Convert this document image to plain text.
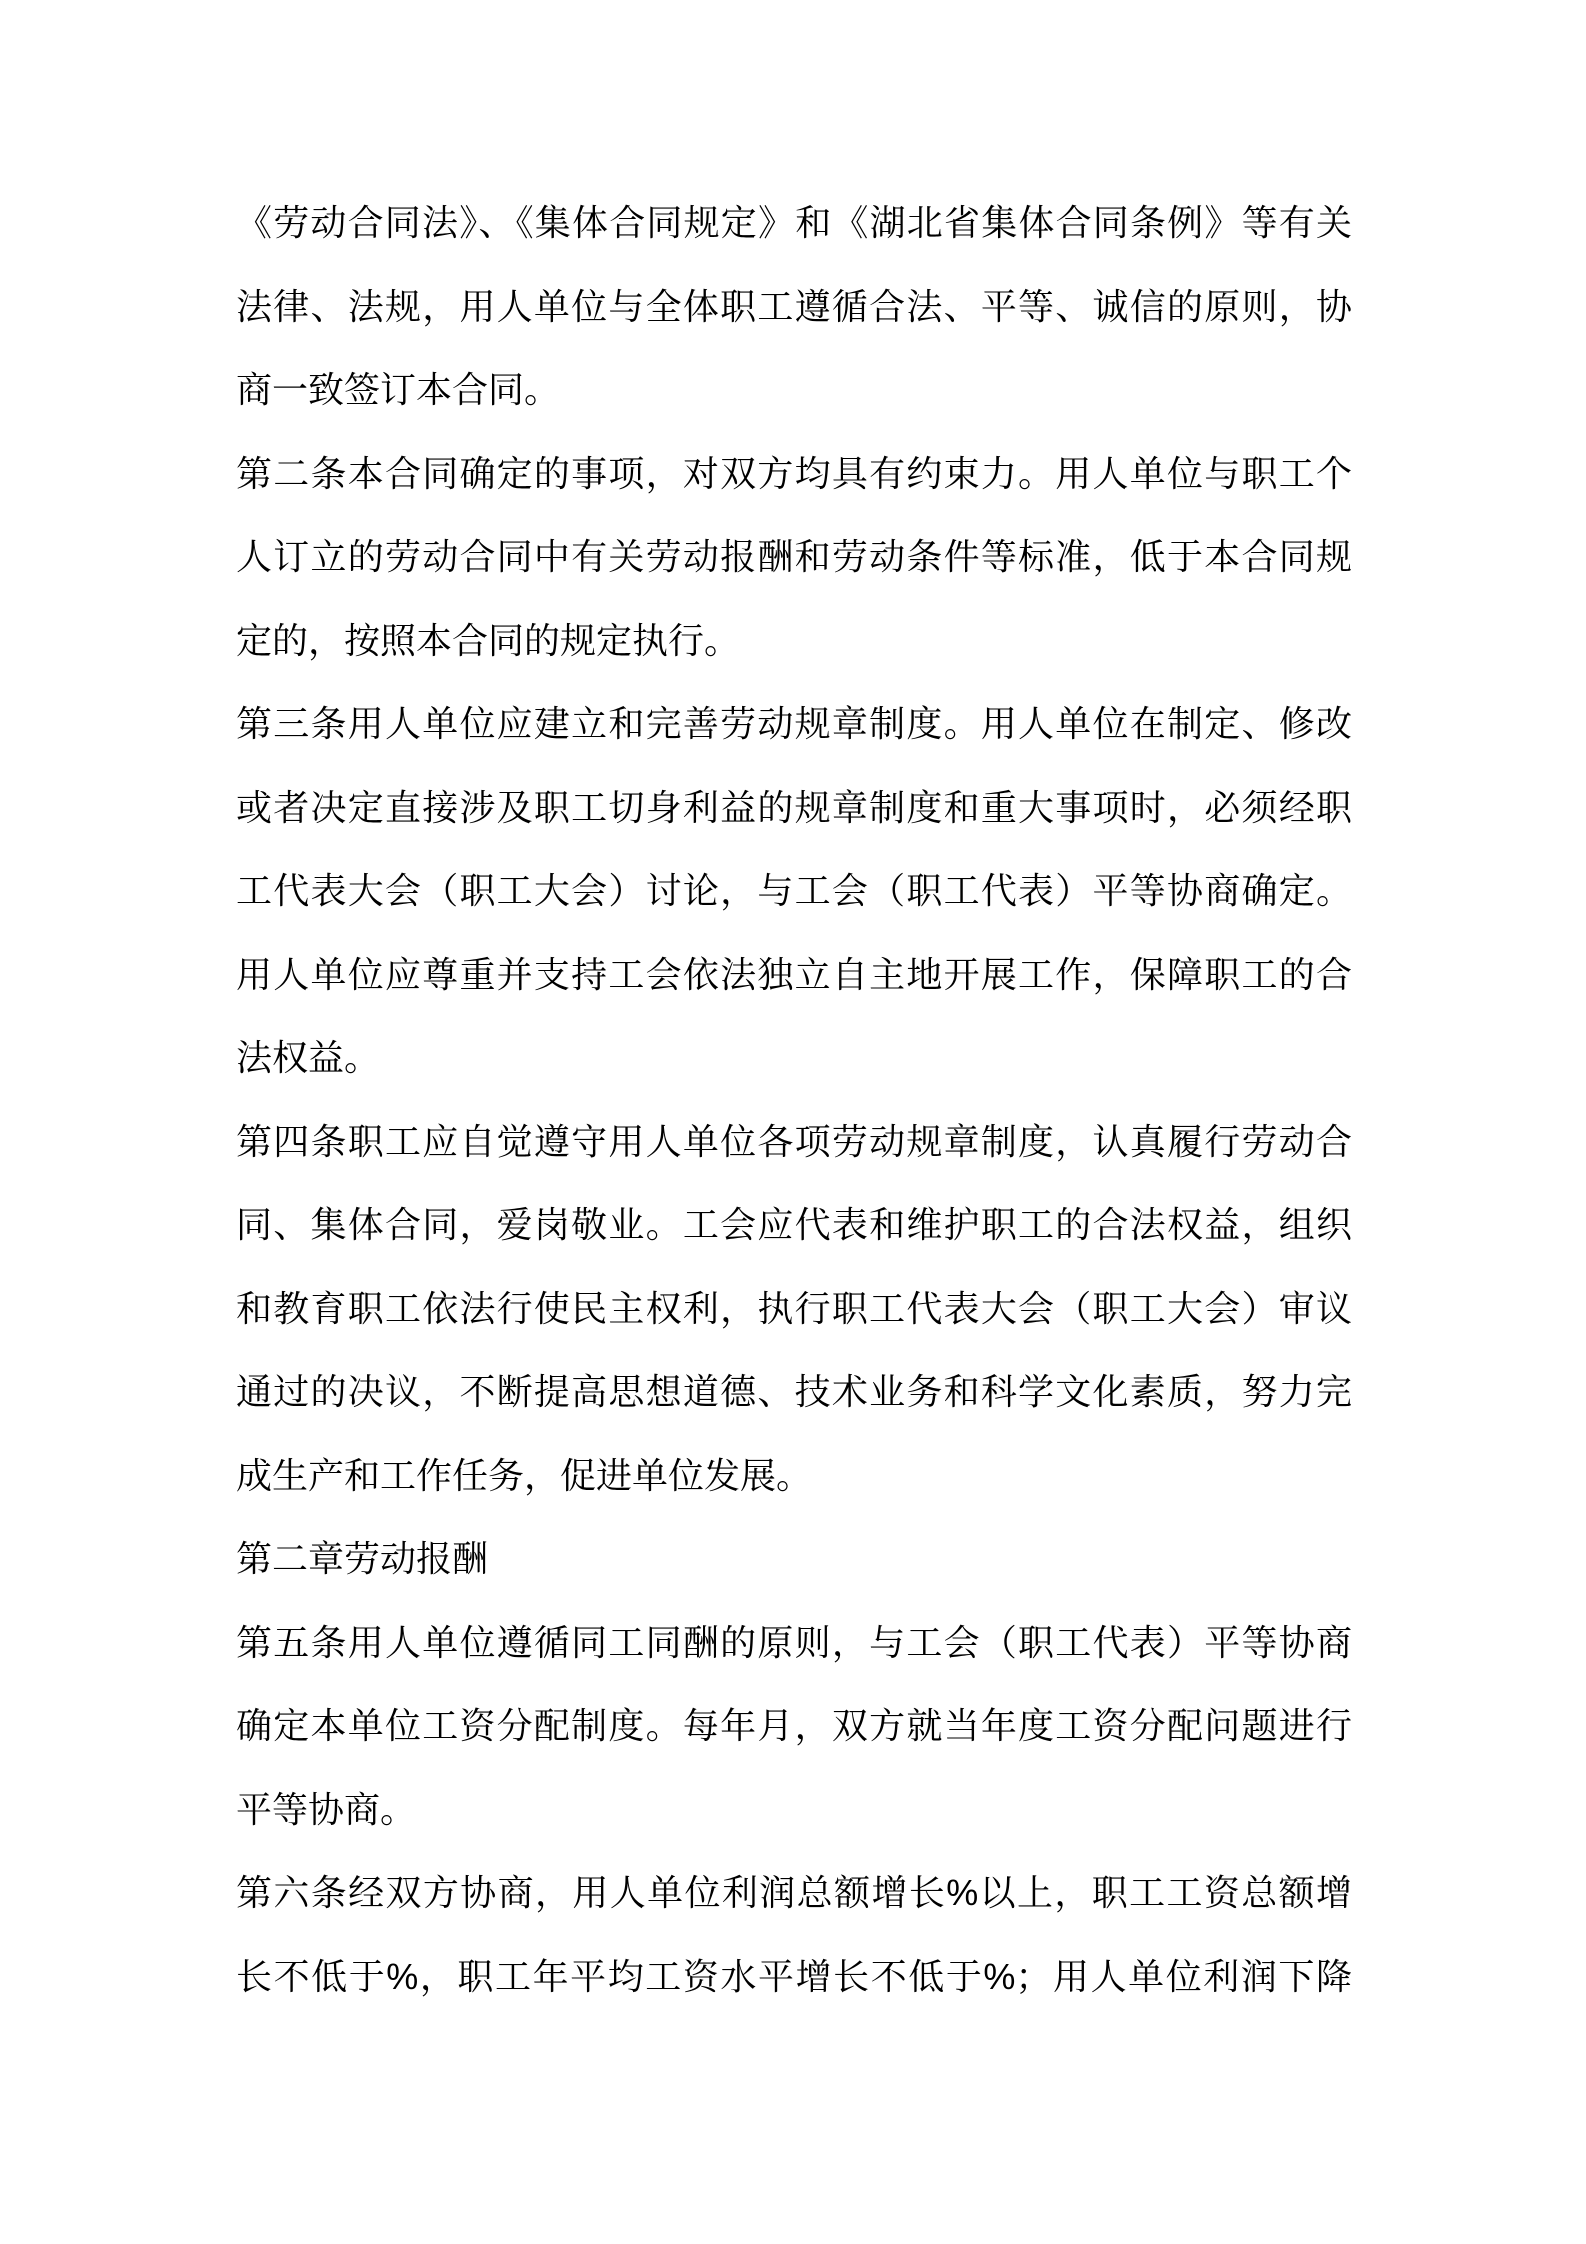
《劳动合同法》、《集体合同规定》和《湖北省集体合同条例》等有关
法律、法规，用人单位与全体职工遵循合法、平等、诚信的原则，协
商一致签订本合同。
第二条本合同确定的事项，对双方均具有约束力。用人单位与职工个
人订立的劳动合同中有关劳动报酬和劳动条件等标准，低于本合同规
定的，按照本合同的规定执行。
第三条用人单位应建立和完善劳动规章制度。用人单位在制定、修改
或者决定直接涉及职工切身利益的规章制度和重大事项时，必须经职
工代表大会（职工大会）讨论，与工会（职工代表）平等协商确定。
用人单位应尊重并支持工会依法独立自主地开展工作，保障职工的合
法权益。
第四条职工应自觉遵守用人单位各项劳动规章制度，认真履行劳动合
同、集体合同，爱岗敬业。工会应代表和维护职工的合法权益，组织
和教育职工依法行使民主权利，执行职工代表大会（职工大会）审议
通过的决议，不断提高思想道德、技术业务和科学文化素质，努力完
成生产和工作任务，促进单位发展。
第二章劳动报酬
第五条用人单位遵循同工同酬的原则，与工会（职工代表）平等协商
确定本单位工资分配制度。每年月，双方就当年度工资分配问题进行
平等协商。
第六条经双方协商，用人单位利润总额增长%以上，职工工资总额增
长不低于%，职工年平均工资水平增长不低于%；用人单位利润下降
